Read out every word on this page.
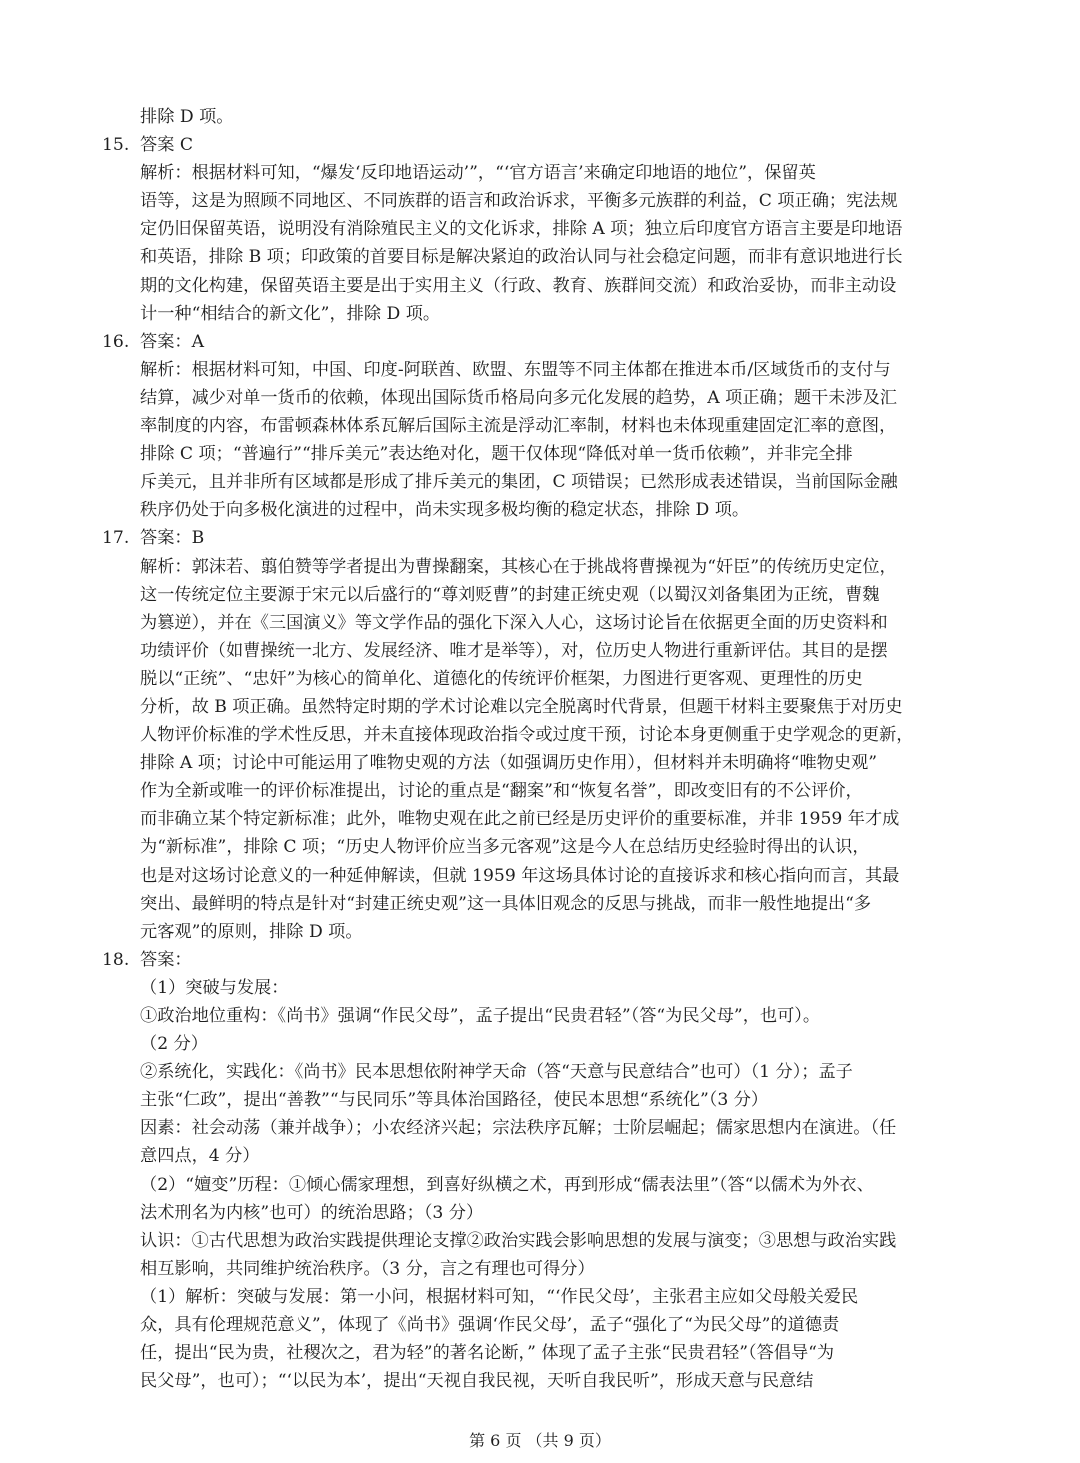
排除 D 项。
15. 答案 C
解析：根据材料可知，“爆发‘反印地语运动’”，“‘官方语言’来确定印地语的地位”，保留英
语等，这是为照顾不同地区、不同族群的语言和政治诉求，平衡多元族群的利益，C 项正确；宪法规
定仍旧保留英语，说明没有消除殖民主义的文化诉求，排除 A 项；独立后印度官方语言主要是印地语
和英语，排除 B 项；印政策的首要目标是解决紧迫的政治认同与社会稳定问题，而非有意识地进行长
期的文化构建，保留英语主要是出于实用主义（行政、教育、族群间交流）和政治妥协，而非主动设
计一种“相结合的新文化”，排除 D 项。
16. 答案：A
解析：根据材料可知，中国、印度-阿联酋、欧盟、东盟等不同主体都在推进本币/区域货币的支付与
结算，减少对单一货币的依赖，体现出国际货币格局向多元化发展的趋势，A 项正确；题干未涉及汇
率制度的内容，布雷顿森林体系瓦解后国际主流是浮动汇率制，材料也未体现重建固定汇率的意图，
排除 C 项；“普遍行”“排斥美元”表达绝对化，题干仅体现“降低对单一货币依赖”，并非完全排
斥美元，且并非所有区域都是形成了排斥美元的集团，C 项错误；已然形成表述错误，当前国际金融
秩序仍处于向多极化演进的过程中，尚未实现多极均衡的稳定状态，排除 D 项。
17. 答案：B
解析：郭沫若、翦伯赞等学者提出为曹操翻案，其核心在于挑战将曹操视为“奸臣”的传统历史定位，
这一传统定位主要源于宋元以后盛行的“尊刘贬曹”的封建正统史观（以蜀汉刘备集团为正统，曹魏
为篡逆），并在《三国演义》等文学作品的强化下深入人心，这场讨论旨在依据更全面的历史资料和
功绩评价（如曹操统一北方、发展经济、唯才是举等），对，位历史人物进行重新评估。其目的是摆
脱以“正统”、“忠奸”为核心的简单化、道德化的传统评价框架，力图进行更客观、更理性的历史
分析，故 B 项正确。虽然特定时期的学术讨论难以完全脱离时代背景，但题干材料主要聚焦于对历史
人物评价标准的学术性反思，并未直接体现政治指令或过度干预，讨论本身更侧重于史学观念的更新，
排除 A 项；讨论中可能运用了唯物史观的方法（如强调历史作用），但材料并未明确将“唯物史观”
作为全新或唯一的评价标准提出，讨论的重点是“翻案”和“恢复名誉”，即改变旧有的不公评价，
而非确立某个特定新标准；此外，唯物史观在此之前已经是历史评价的重要标准，并非 1959 年才成
为“新标准”，排除 C 项；“历史人物评价应当多元客观”这是今人在总结历史经验时得出的认识，
也是对这场讨论意义的一种延伸解读，但就 1959 年这场具体讨论的直接诉求和核心指向而言，其最
突出、最鲜明的特点是针对“封建正统史观”这一具体旧观念的反思与挑战，而非一般性地提出“多
元客观”的原则，排除 D 项。
18. 答案：
（1）突破与发展：
①政治地位重构：《尚书》强调“作民父母”，孟子提出“民贵君轻”（答“为民父母”，也可）。
（2 分）
②系统化，实践化：《尚书》民本思想依附神学天命（答“天意与民意结合”也可）（1 分）；孟子
主张“仁政”，提出“善教”“与民同乐”等具体治国路径，使民本思想“系统化”（3 分）
因素：社会动荡（兼并战争）；小农经济兴起；宗法秩序瓦解；士阶层崛起；儒家思想内在演进。（任
意四点，4 分）
（2）“嬗变”历程：①倾心儒家理想，到喜好纵横之术，再到形成“儒表法里”（答“以儒术为外衣、
法术刑名为内核”也可）的统治思路；（3 分）
认识：①古代思想为政治实践提供理论支撑②政治实践会影响思想的发展与演变；③思想与政治实践
相互影响，共同维护统治秩序。（3 分，言之有理也可得分）
（1）解析：突破与发展：第一小问，根据材料可知，“‘作民父母’，主张君主应如父母般关爱民
众，具有伦理规范意义”，体现了《尚书》强调‘作民父母’，孟子“强化了“为民父母”的道德责
任，提出“民为贵，社稷次之，君为轻”的著名论断，” 体现了孟子主张“民贵君轻”（答倡导“为
民父母”，也可）；“‘以民为本’，提出“天视自我民视，天听自我民听”，形成天意与民意结
第 6 页 （共 9 页）
